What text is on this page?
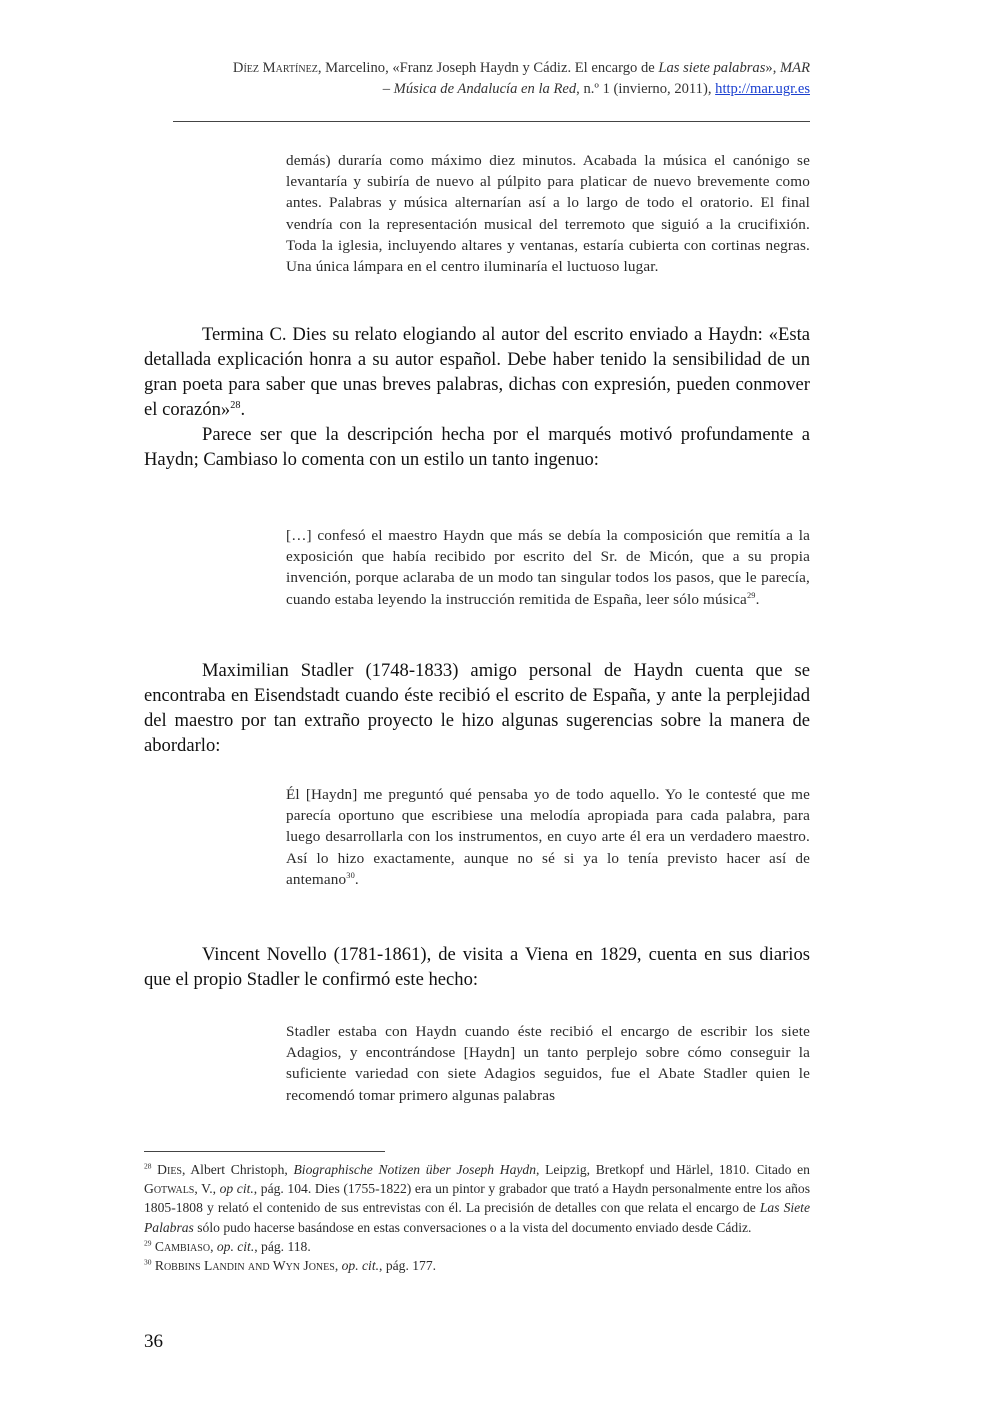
Díez Martínez, Marcelino, «Franz Joseph Haydn y Cádiz. El encargo de Las siete palabras», MAR
– Música de Andalucía en la Red, n.º 1 (invierno, 2011), http://mar.ugr.es
demás) duraría como máximo diez minutos. Acabada la música el canónigo se levantaría y subiría de nuevo al púlpito para platicar de nuevo brevemente como antes. Palabras y música alternarían así a lo largo de todo el oratorio. El final vendría con la representación musical del terremoto que siguió a la crucifixión. Toda la iglesia, incluyendo altares y ventanas, estaría cubierta con cortinas negras. Una única lámpara en el centro iluminaría el luctuoso lugar.
Termina C. Dies su relato elogiando al autor del escrito enviado a Haydn: «Esta detallada explicación honra a su autor español. Debe haber tenido la sensibilidad de un gran poeta para saber que unas breves palabras, dichas con expresión, pueden conmover el corazón»$^{28}$.
Parece ser que la descripción hecha por el marqués motivó profundamente a Haydn; Cambiaso lo comenta con un estilo un tanto ingenuo:
[…] confesó el maestro Haydn que más se debía la composición que remitía a la exposición que había recibido por escrito del Sr. de Micón, que a su propia invención, porque aclaraba de un modo tan singular todos los pasos, que le parecía, cuando estaba leyendo la instrucción remitida de España, leer sólo música$^{29}$.
Maximilian Stadler (1748-1833) amigo personal de Haydn cuenta que se encontraba en Eisendstadt cuando éste recibió el escrito de España, y ante la perplejidad del maestro por tan extraño proyecto le hizo algunas sugerencias sobre la manera de abordarlo:
Él [Haydn] me preguntó qué pensaba yo de todo aquello. Yo le contesté que me parecía oportuno que escribiese una melodía apropiada para cada palabra, para luego desarrollarla con los instrumentos, en cuyo arte él era un verdadero maestro. Así lo hizo exactamente, aunque no sé si ya lo tenía previsto hacer así de antemano$^{30}$.
Vincent Novello (1781-1861), de visita a Viena en 1829, cuenta en sus diarios que el propio Stadler le confirmó este hecho:
Stadler estaba con Haydn cuando éste recibió el encargo de escribir los siete Adagios, y encontrándose [Haydn] un tanto perplejo sobre cómo conseguir la suficiente variedad con siete Adagios seguidos, fue el Abate Stadler quien le recomendó tomar primero algunas palabras

$^{28}$ Dies, Albert Christoph, Biographische Notizen über Joseph Haydn, Leipzig, Bretkopf und Härlel, 1810. Citado en Gotwals, V., op cit., pág. 104. Dies (1755-1822) era un pintor y grabador que trató a Haydn personalmente entre los años 1805-1808 y relató el contenido de sus entrevistas con él. La precisión de detalles con que relata el encargo de Las Siete Palabras sólo pudo hacerse basándose en estas conversaciones o a la vista del documento enviado desde Cádiz.

$^{29}$ Cambiaso, op. cit., pág. 118.

$^{30}$ Robbins Landin and Wyn Jones, op. cit., pág. 177.

36
